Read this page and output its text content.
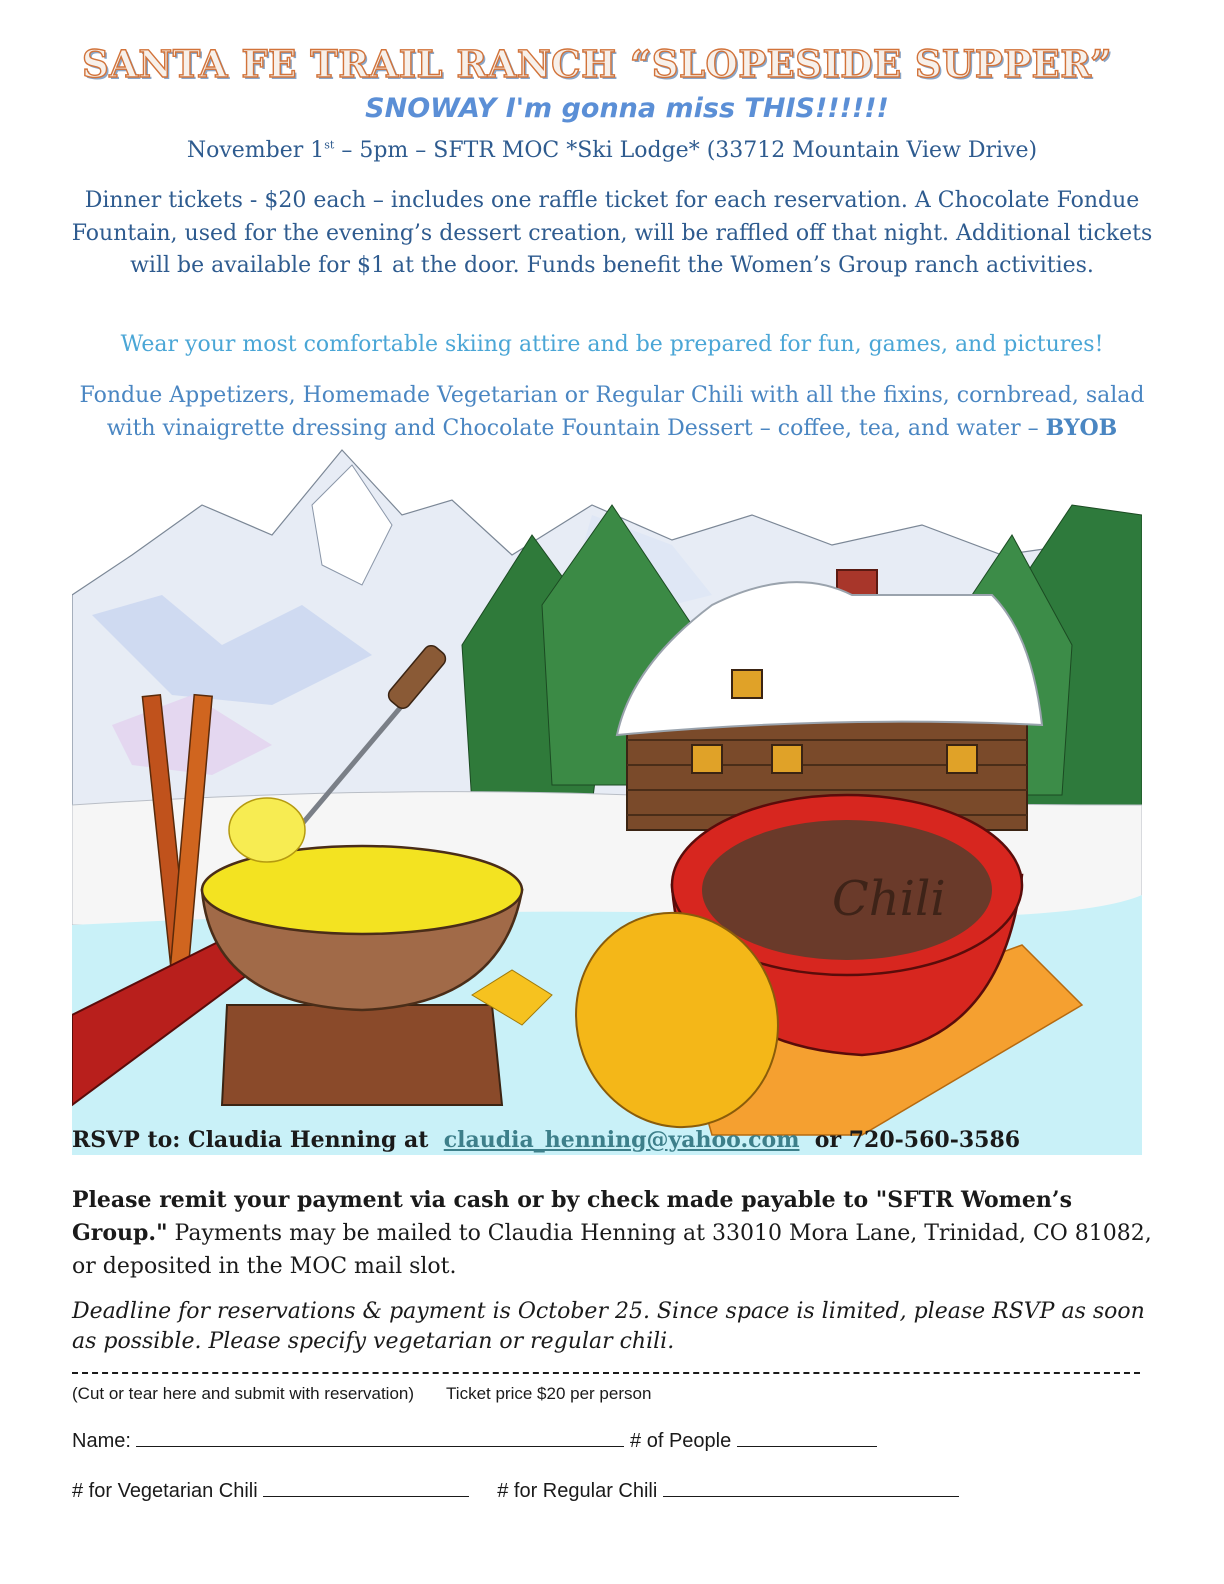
SANTA FE TRAIL RANCH “SLOPESIDE SUPPER”
SNOWAY I'm gonna miss THIS!!!!!!
November 1st – 5pm – SFTR MOC *Ski Lodge* (33712 Mountain View Drive)
Dinner tickets - $20 each – includes one raffle ticket for each reservation. A Chocolate Fondue Fountain, used for the evening’s dessert creation, will be raffled off that night. Additional tickets will be available for $1 at the door. Funds benefit the Women’s Group ranch activities.
Wear your most comfortable skiing attire and be prepared for fun, games, and pictures!
Fondue Appetizers, Homemade Vegetarian or Regular Chili with all the fixins, cornbread, salad with vinaigrette dressing and Chocolate Fountain Dessert – coffee, tea, and water – BYOB
Chili
RSVP to: Claudia Henning at claudia_henning@yahoo.com or 720-560-3586
Please remit your payment via cash or by check made payable to "SFTR Women’s Group." Payments may be mailed to Claudia Henning at 33010 Mora Lane, Trinidad, CO 81082, or deposited in the MOC mail slot.
Deadline for reservations & payment is October 25. Since space is limited, please RSVP as soon as possible. Please specify vegetarian or regular chili.
(Cut or tear here and submit with reservation) Ticket price $20 per person
Name:	# of People
# for Vegetarian Chili	# for Regular Chili
